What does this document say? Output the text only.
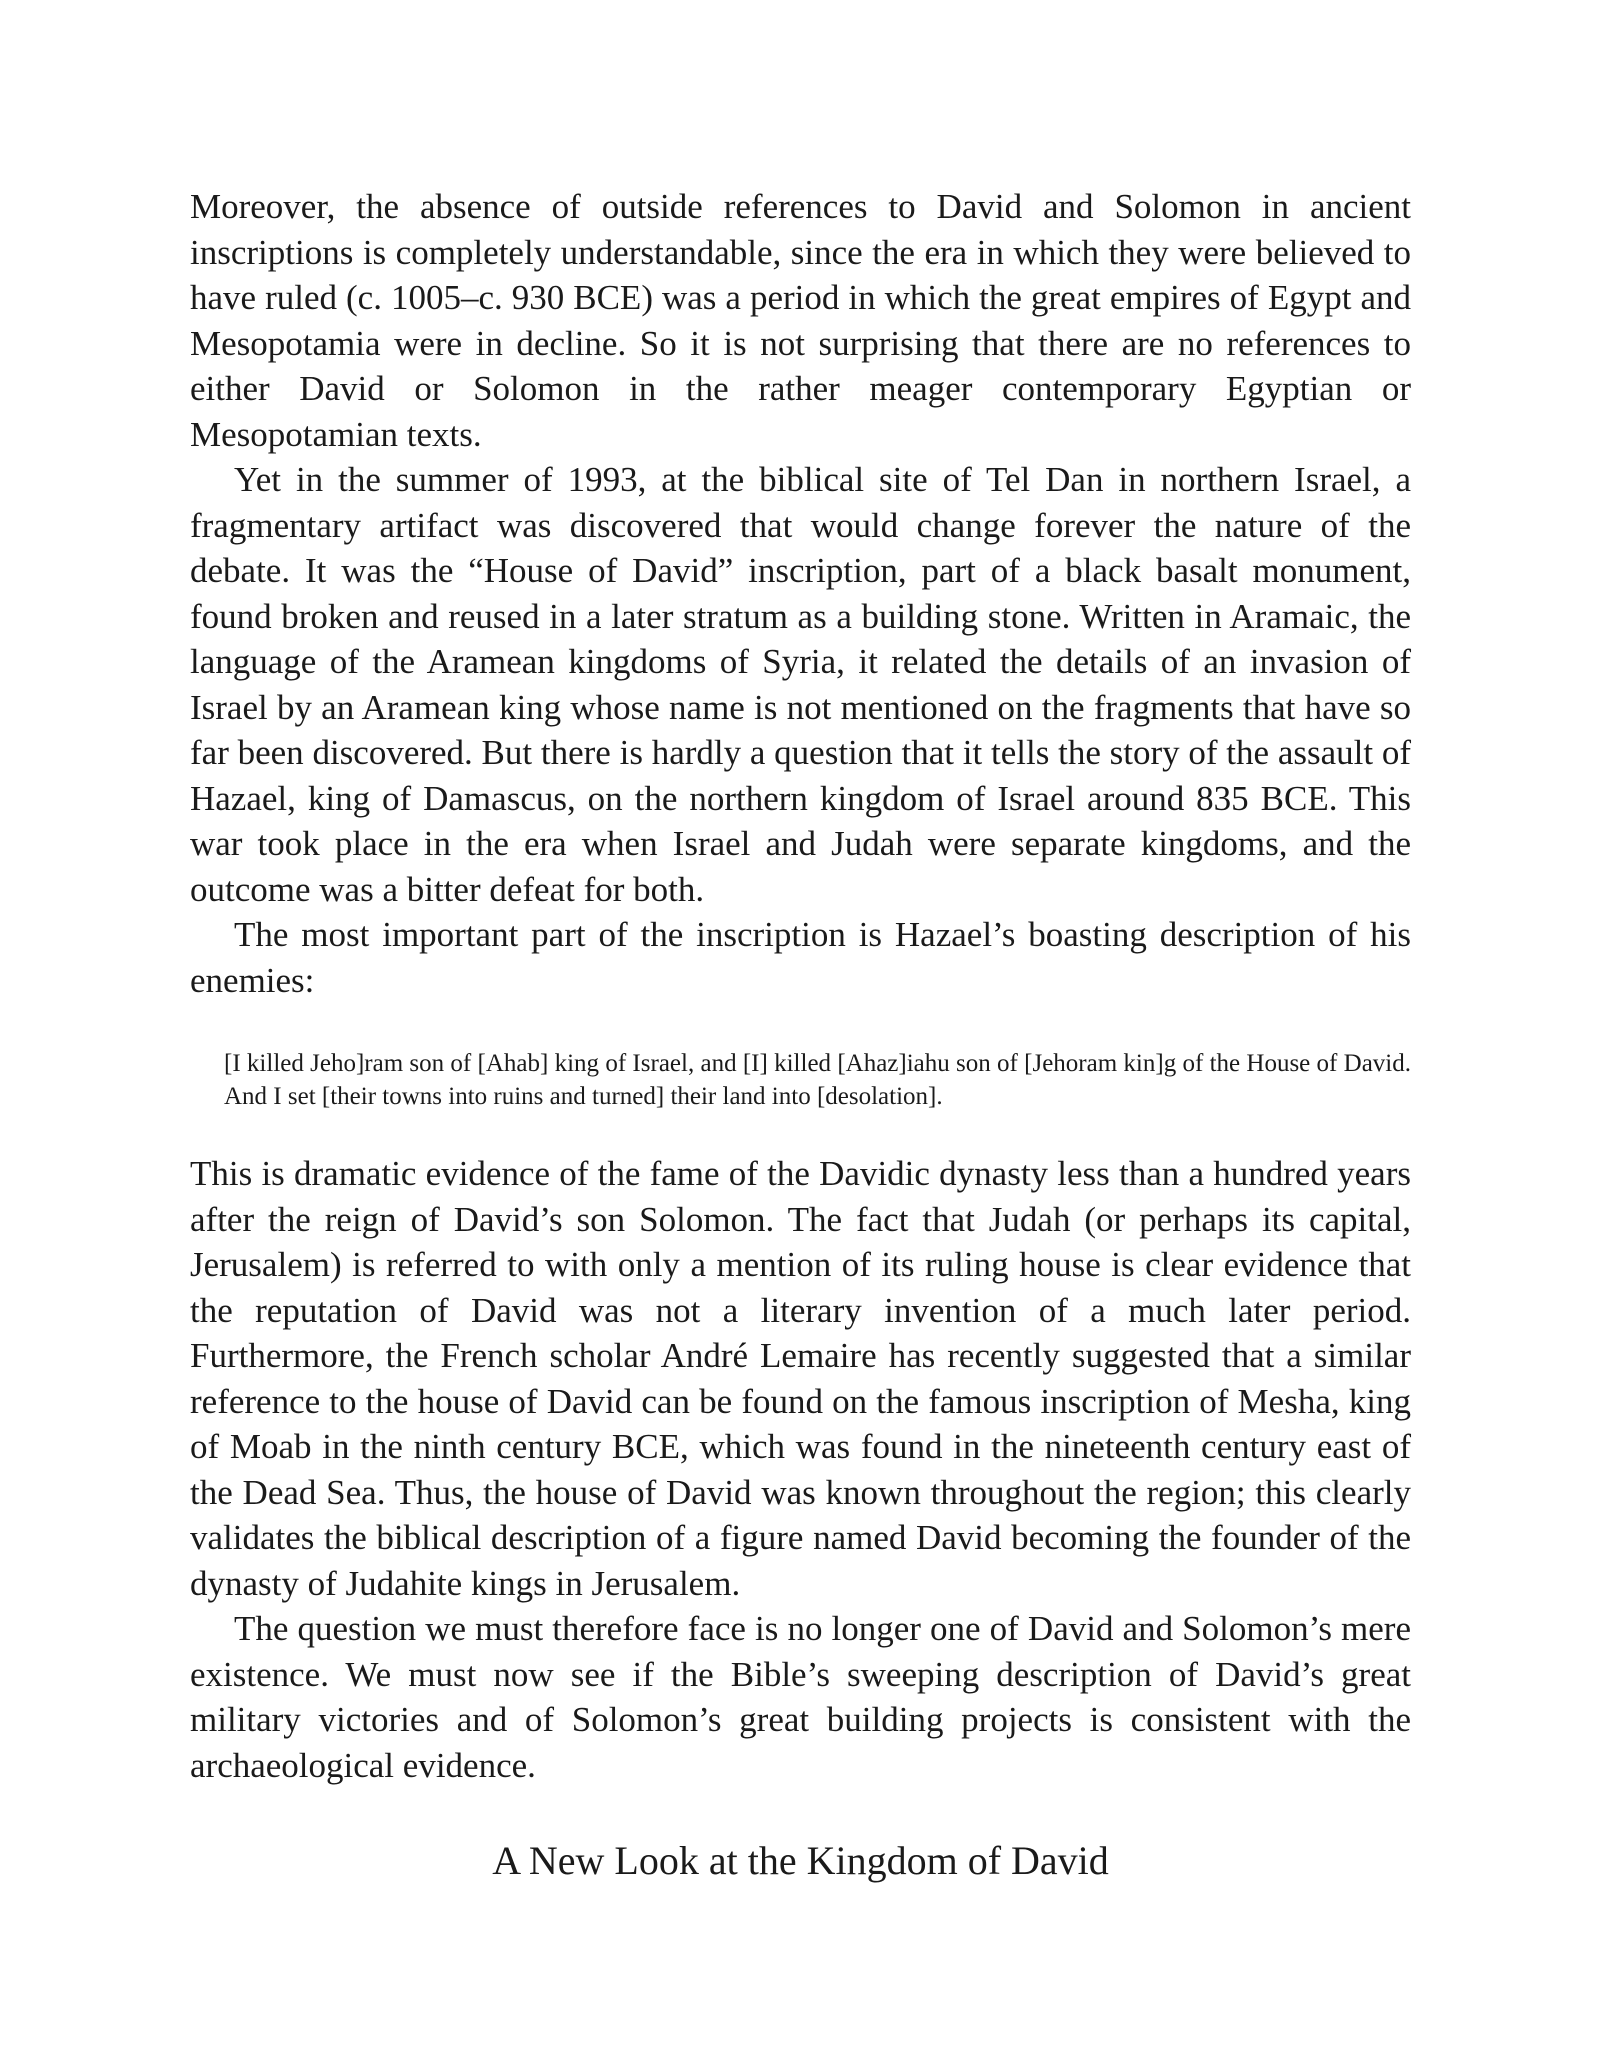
Moreover, the absence of outside references to David and Solomon in ancient inscriptions is completely understandable, since the era in which they were believed to have ruled (c. 1005–c. 930 BCE) was a period in which the great empires of Egypt and Mesopotamia were in decline. So it is not surprising that there are no references to either David or Solomon in the rather meager contemporary Egyptian or Mesopotamian texts.

Yet in the summer of 1993, at the biblical site of Tel Dan in northern Israel, a fragmentary artifact was discovered that would change forever the nature of the debate. It was the “House of David” inscription, part of a black basalt monument, found broken and reused in a later stratum as a building stone. Written in Aramaic, the language of the Aramean kingdoms of Syria, it related the details of an invasion of Israel by an Aramean king whose name is not mentioned on the fragments that have so far been discovered. But there is hardly a question that it tells the story of the assault of Hazael, king of Damascus, on the northern kingdom of Israel around 835 BCE. This war took place in the era when Israel and Judah were separate kingdoms, and the outcome was a bitter defeat for both.

The most important part of the inscription is Hazael’s boasting description of his enemies:

[I killed Jeho]ram son of [Ahab] king of Israel, and [I] killed [Ahaz]iahu son of [Jehoram kin]g of the House of David. And I set [their towns into ruins and turned] their land into [desolation].

This is dramatic evidence of the fame of the Davidic dynasty less than a hundred years after the reign of David’s son Solomon. The fact that Judah (or perhaps its capital, Jerusalem) is referred to with only a mention of its ruling house is clear evidence that the reputation of David was not a literary invention of a much later period. Furthermore, the French scholar André Lemaire has recently suggested that a similar reference to the house of David can be found on the famous inscription of Mesha, king of Moab in the ninth century BCE, which was found in the nineteenth century east of the Dead Sea. Thus, the house of David was known throughout the region; this clearly validates the biblical description of a figure named David becoming the founder of the dynasty of Judahite kings in Jerusalem.

The question we must therefore face is no longer one of David and Solomon’s mere existence. We must now see if the Bible’s sweeping description of David’s great military victories and of Solomon’s great building projects is consistent with the archaeological evidence.

A New Look at the Kingdom of David
